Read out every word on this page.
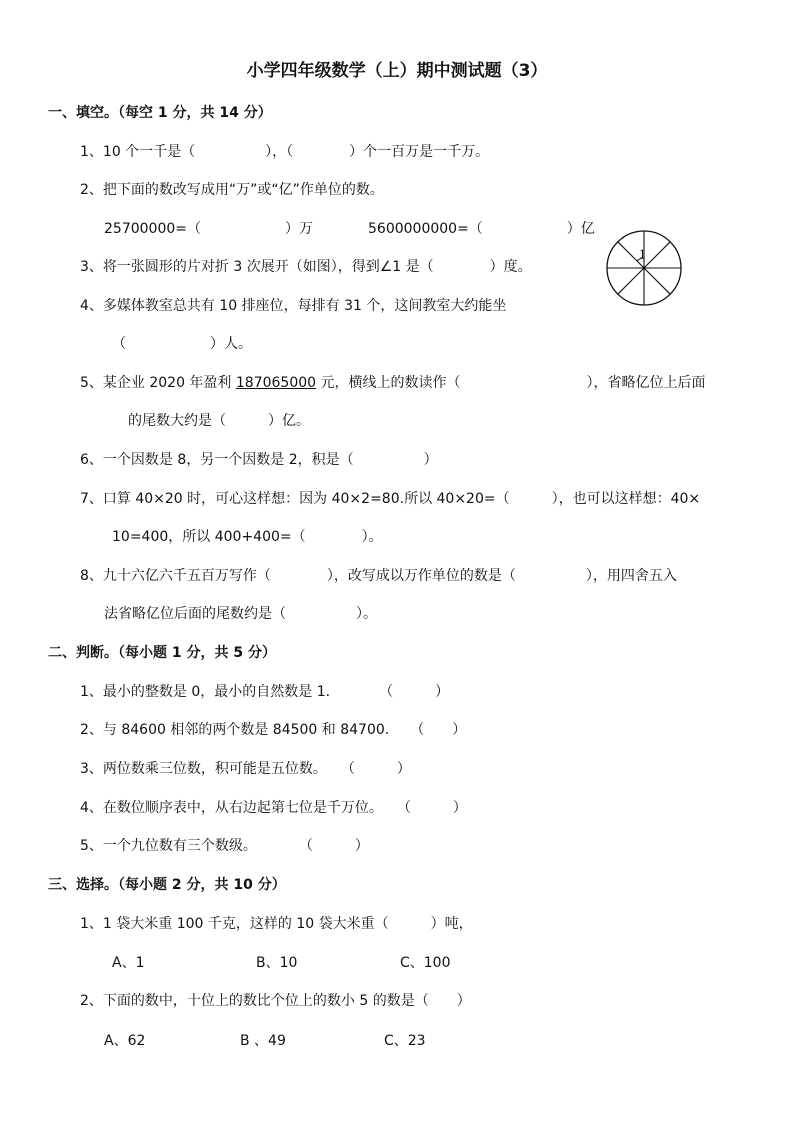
小学四年级数学（上）期中测试题（3）
一、填空。（每空 1 分，共 14 分）
1、10 个一千是（　　　　　），（　　　　）个一百万是一千万。
2、把下面的数改写成用“万”或“亿”作单位的数。
25700000=（　　　　　　）万	5600000000=（　　　　　　）亿
3、将一张圆形的片对折 3 次展开（如图），得到∠1 是（　　　　）度。
1
4、多媒体教室总共有 10 排座位，每排有 31 个，这间教室大约能坐
（　　　　　　）人。
5、某企业 2020 年盈利 187065000 元，横线上的数读作（　　　　　　　　　），省略亿位上后面
的尾数大约是（　　　）亿。
6、一个因数是 8，另一个因数是 2，积是（　　　　　）
7、口算 40×20 时，可心这样想：因为 40×2=80.所以 40×20=（　　　），也可以这样想：40×
10=400，所以 400+400=（　　　　）。
8、九十六亿六千五百万写作（　　　　），改写成以万作单位的数是（　　　　　），用四舍五入
法省略亿位后面的尾数约是（　　　　　）。
二、判断。（每小题 1 分，共 5 分）
1、最小的整数是 0，最小的自然数是 1.　　　　（　　　）
2、与 84600 相邻的两个数是 84500 和 84700.　　（　　）
3、两位数乘三位数，积可能是五位数。　　（　　　）
4、在数位顺序表中，从右边起第七位是千万位。　　（　　　）
5、一个九位数有三个数级。　　　　（　　　）
三、选择。（每小题 2 分，共 10 分）
1、1 袋大米重 100 千克，这样的 10 袋大米重（　　　）吨，
A、1	B、10	C、100
2、下面的数中，十位上的数比个位上的数小 5 的数是（　　）
A、62	B 、49	C、23
